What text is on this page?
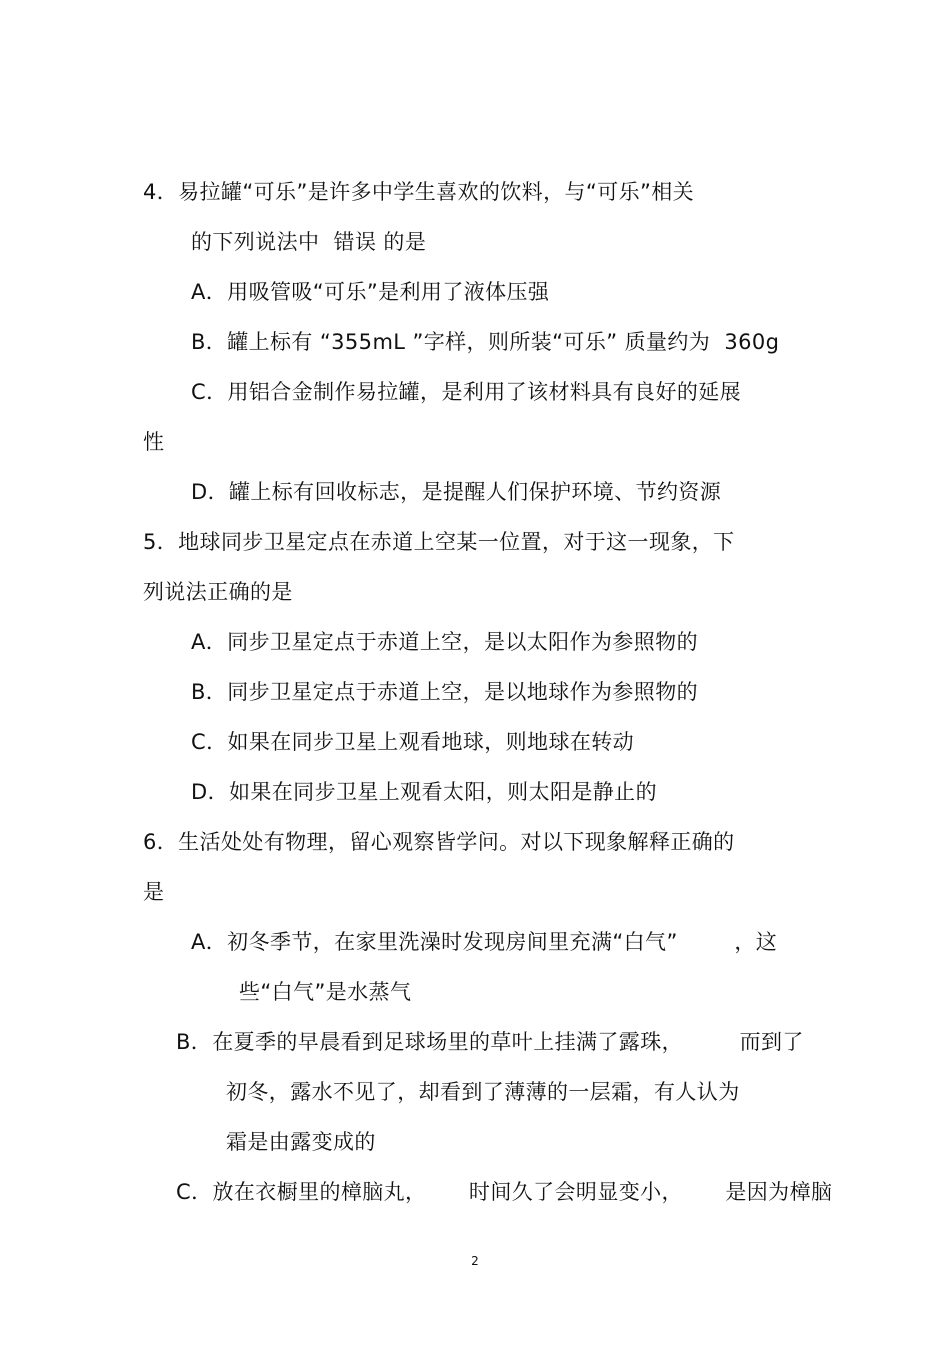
4．易拉罐“可乐”是许多中学生喜欢的饮料，与“可乐”相关
的下列说法中  错误 的是
A．用吸管吸“可乐”是利用了液体压强
B．罐上标有 “355mL ”字样，则所装“可乐” 质量约为  360g
C．用铝合金制作易拉罐，是利用了该材料具有良好的延展
性
D．罐上标有回收标志，是提醒人们保护环境、节约资源
5．地球同步卫星定点在赤道上空某一位置，对于这一现象，下
列说法正确的是
A．同步卫星定点于赤道上空，是以太阳作为参照物的
B．同步卫星定点于赤道上空，是以地球作为参照物的
C．如果在同步卫星上观看地球，则地球在转动
D．如果在同步卫星上观看太阳，则太阳是静止的
6．生活处处有物理，留心观察皆学问。对以下现象解释正确的
是
A．初冬季节，在家里洗澡时发现房间里充满“白气”        ，这
些“白气”是水蒸气
B．在夏季的早晨看到足球场里的草叶上挂满了露珠，        而到了
初冬，露水不见了，却看到了薄薄的一层霜，有人认为
霜是由露变成的
C．放在衣橱里的樟脑丸，      时间久了会明显变小，      是因为樟脑
2
